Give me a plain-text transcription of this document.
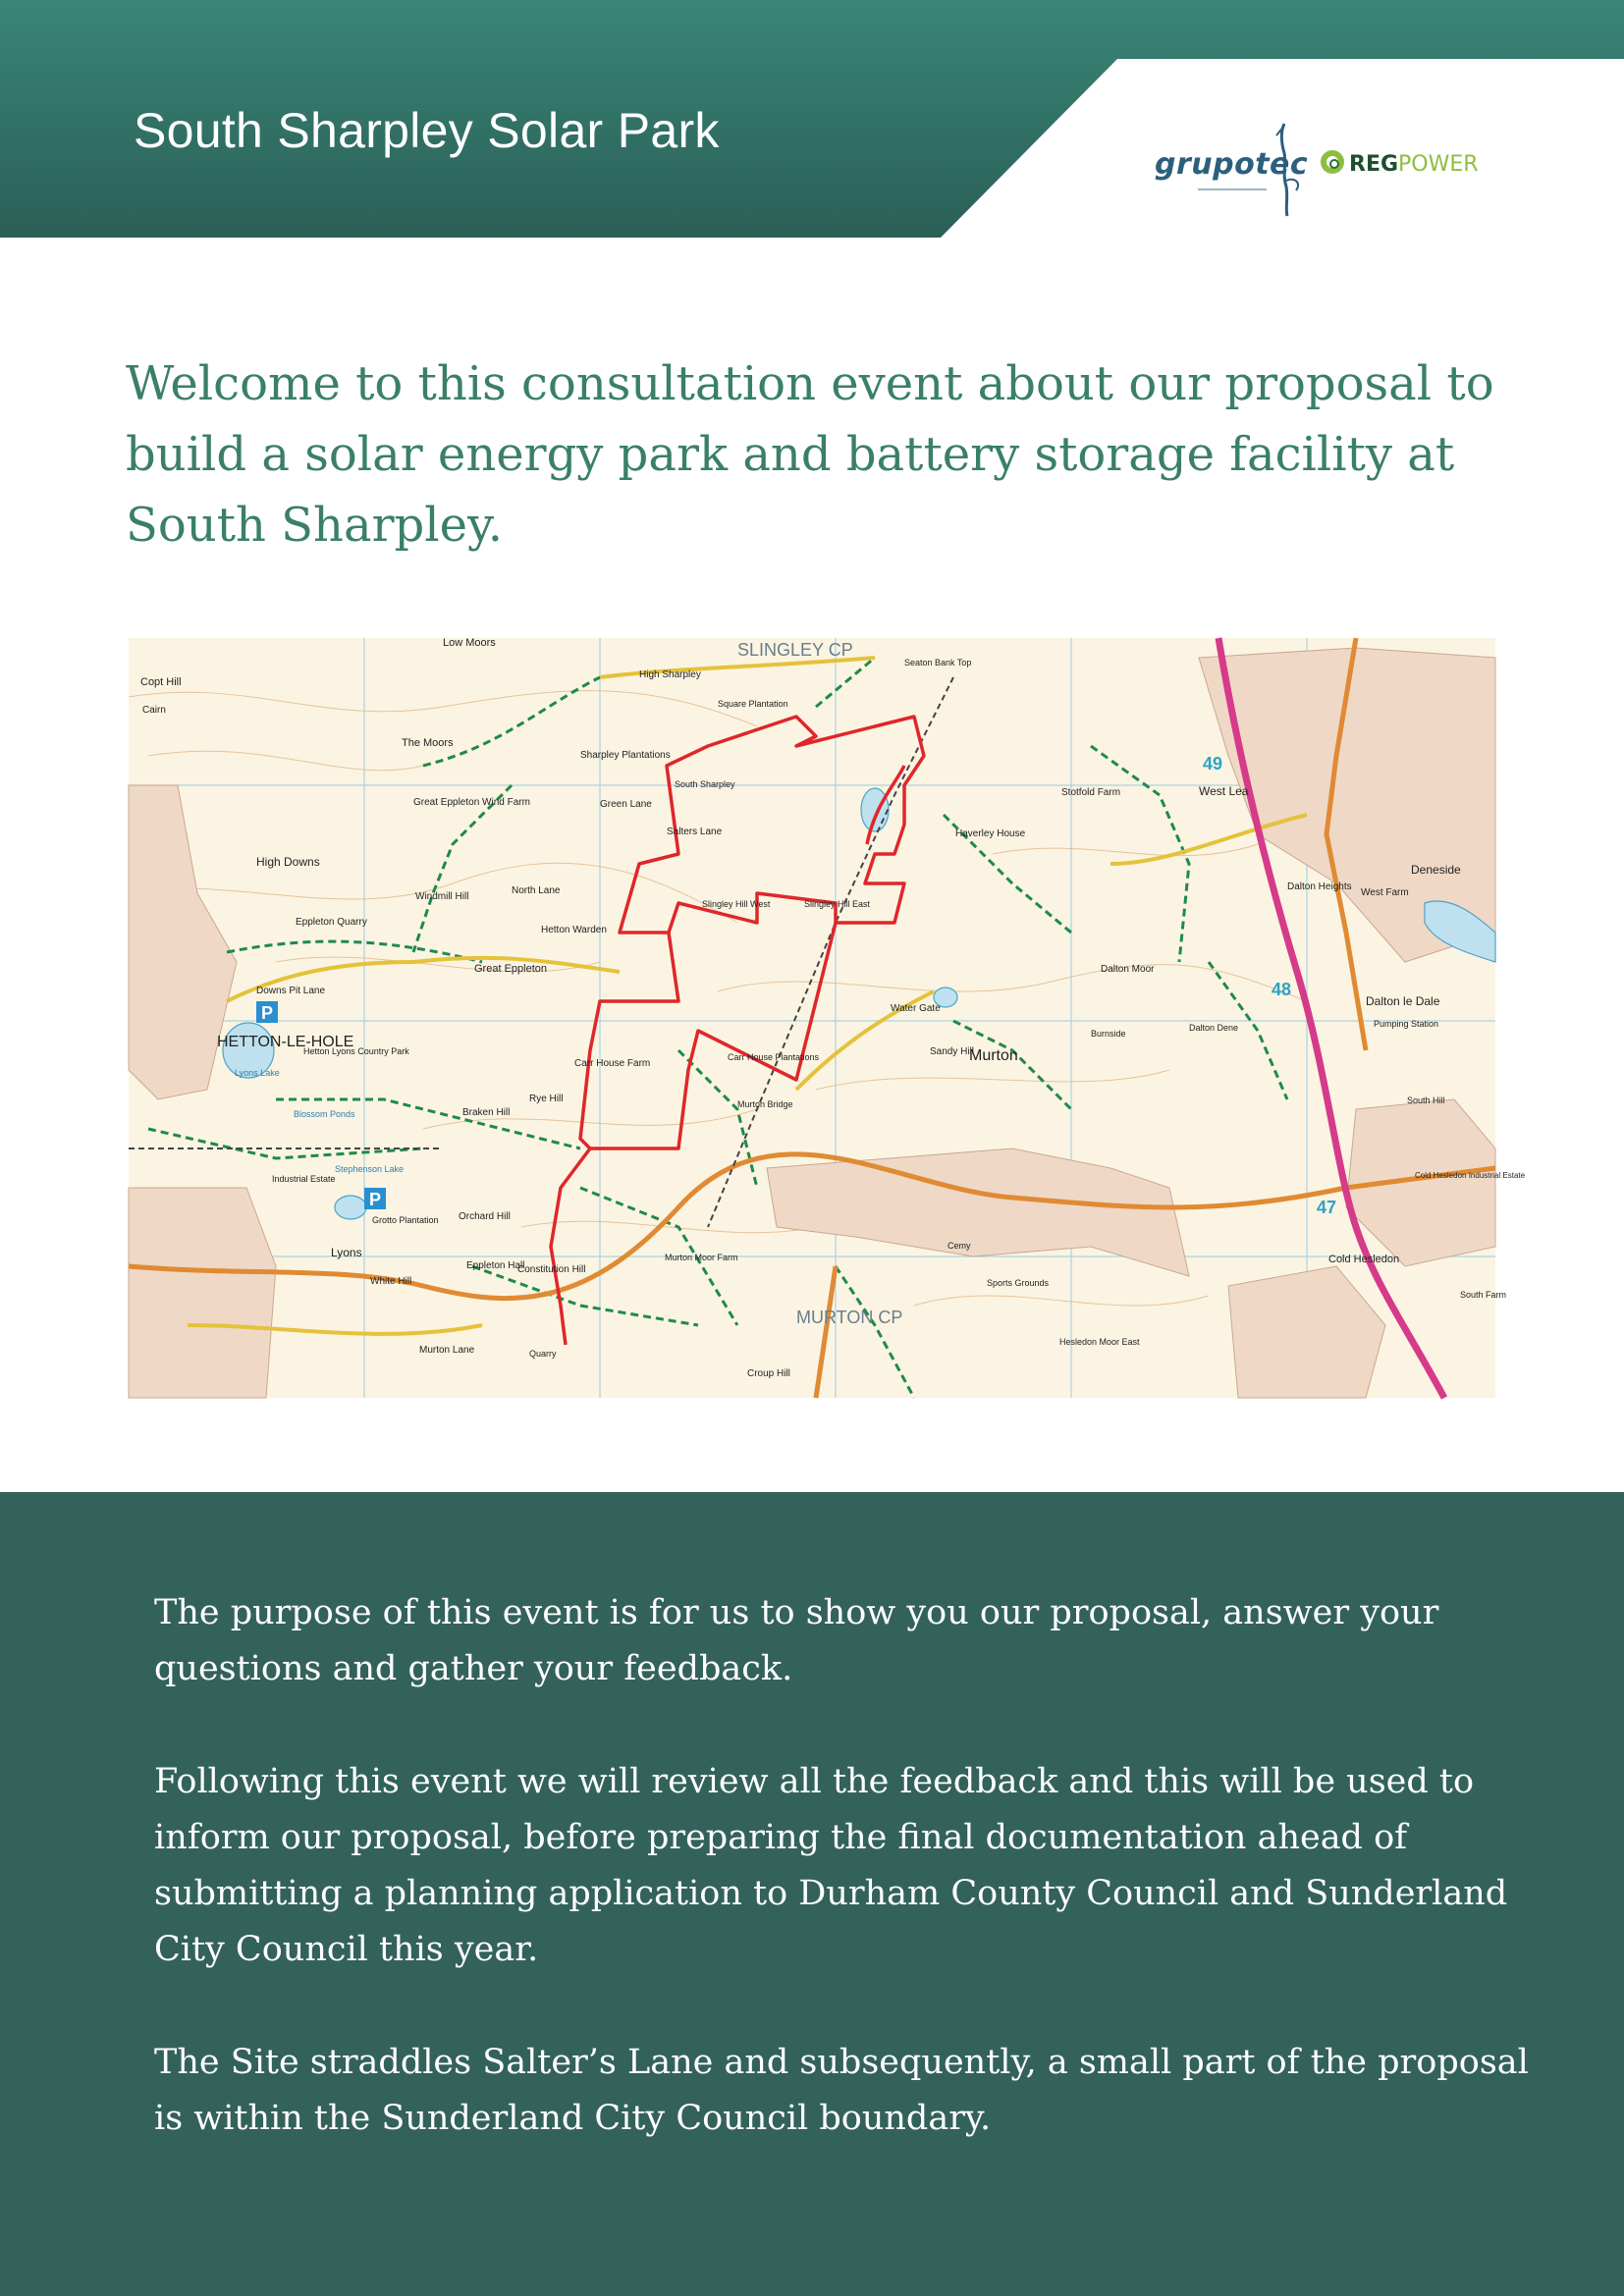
South Sharpley Solar Park
grupotec REGPOWER
Welcome to this consultation event about our proposal to build a solar energy park and battery storage facility at South Sharpley.
SLINGLEY CP
Low Moors
High Sharpley
Square Plantation
Seaton Bank Top
Copt Hill
Cairn
The Moors
Sharpley Plantations
South Sharpley
Green Lane
Great Eppleton Wind Farm
High Downs
Windmill Hill
Eppleton Quarry
North Lane
Salters Lane
Slingley Hill West	Slingley Hill East
Haverley House
Stotfold Farm	West Lea
Dalton Heights
West Farm
Deneside
Dalton Moor
Dalton le Dale
Pumping Station
Great Eppleton
Hetton Warden
Downs Pit Lane
HETTON-LE-HOLE
Lyons Lake
Hetton Lyons Country Park
Blossom Ponds
Carr House Farm
Carr House Plantations
Water Gate
Sandy Hill
Murton
Burnside
Dalton Dene
Braken Hill
Rye Hill	Murton Bridge
Industrial Estate
Stephenson Lake
Grotto Plantation Orchard Hill
Lyons
White Hill
Eppleton Hall
Constitution Hill
Murton Moor Farm
MURTON CP
Cemy
Sports Grounds
Hesledon Moor East
Cold Hesledon
Cold Hesledon Industrial Estate
South Hill
South Farm
Murton Lane	Quarry
Croup Hill
49
48
47
P
P
The purpose of this event is for us to show you our proposal, answer your questions and gather your feedback.
Following this event we will review all the feedback and this will be used to inform our proposal, before preparing the final documentation ahead of submitting a planning application to Durham County Council and Sunderland City Council this year.
The Site straddles Salter’s Lane and subsequently, a small part of the proposal is within the Sunderland City Council boundary.
